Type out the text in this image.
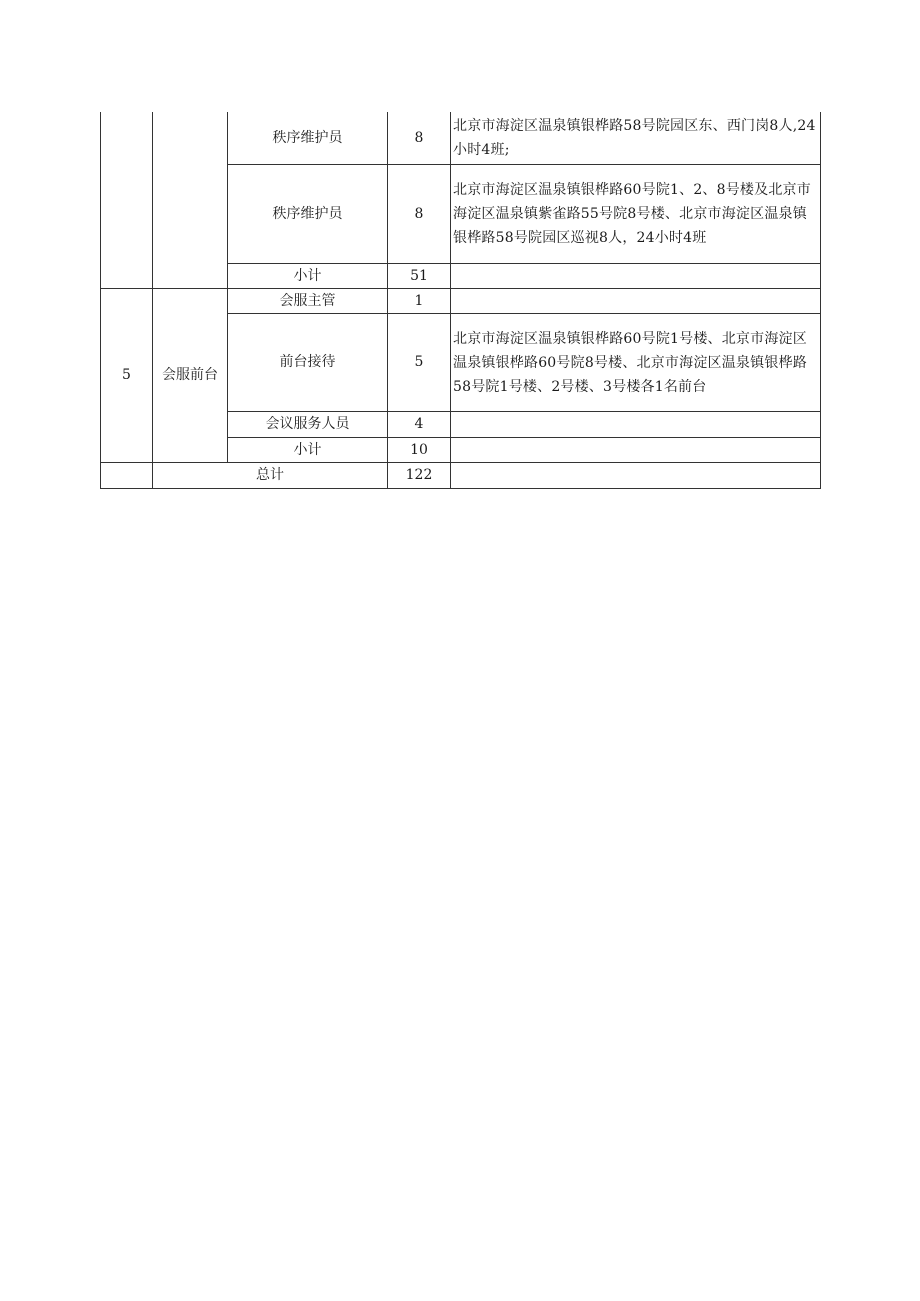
		秩序维护员	8	北京市海淀区温泉镇银桦路58号院园区东、西门岗8人,24小时4班;
		秩序维护员	8	北京市海淀区温泉镇银桦路60号院1、2、8号楼及北京市海淀区温泉镇紫雀路55号院8号楼、北京市海淀区温泉镇银桦路58号院园区巡视8人，24小时4班
		小计	51	
5	会服前台	会服主管	1	
		前台接待	5	北京市海淀区温泉镇银桦路60号院1号楼、北京市海淀区温泉镇银桦路60号院8号楼、北京市海淀区温泉镇银桦路58号院1号楼、2号楼、3号楼各1名前台
		会议服务人员	4	
		小计	10	
	总计		122	
